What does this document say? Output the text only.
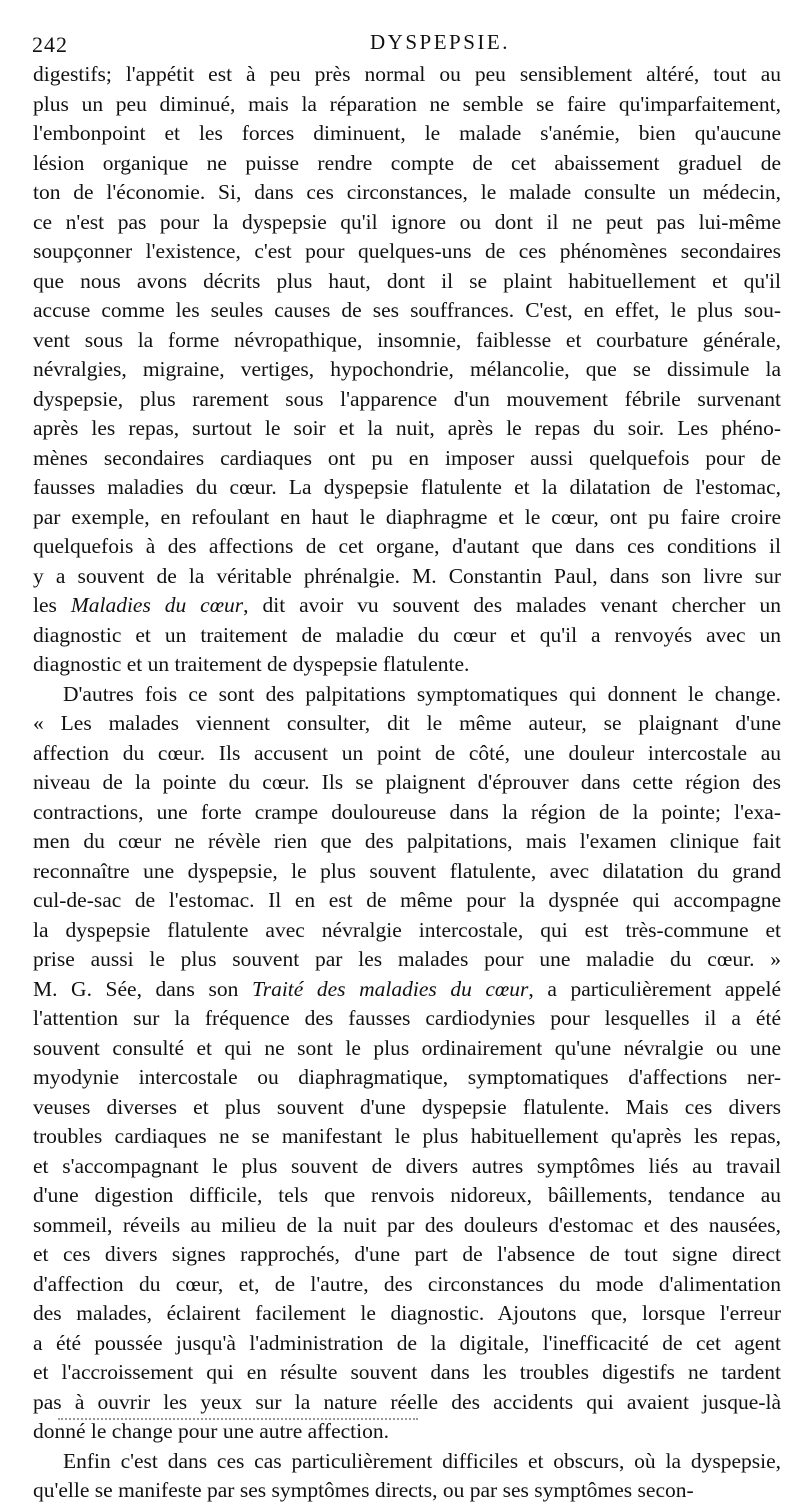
242	DYSPEPSIE.
digestifs; l'appétit est à peu près normal ou peu sensiblement altéré, tout au
plus un peu diminué, mais la réparation ne semble se faire qu'imparfaitement,
l'embonpoint et les forces diminuent, le malade s'anémie, bien qu'aucune
lésion organique ne puisse rendre compte de cet abaissement graduel de
ton de l'économie. Si, dans ces circonstances, le malade consulte un médecin,
ce n'est pas pour la dyspepsie qu'il ignore ou dont il ne peut pas lui-même
soupçonner l'existence, c'est pour quelques-uns de ces phénomènes secondaires
que nous avons décrits plus haut, dont il se plaint habituellement et qu'il
accuse comme les seules causes de ses souffrances. C'est, en effet, le plus sou-
vent sous la forme névropathique, insomnie, faiblesse et courbature générale,
névralgies, migraine, vertiges, hypochondrie, mélancolie, que se dissimule la
dyspepsie, plus rarement sous l'apparence d'un mouvement fébrile survenant
après les repas, surtout le soir et la nuit, après le repas du soir. Les phéno-
mènes secondaires cardiaques ont pu en imposer aussi quelquefois pour de
fausses maladies du cœur. La dyspepsie flatulente et la dilatation de l'estomac,
par exemple, en refoulant en haut le diaphragme et le cœur, ont pu faire croire
quelquefois à des affections de cet organe, d'autant que dans ces conditions il
y a souvent de la véritable phrénalgie. M. Constantin Paul, dans son livre sur
les Maladies du cœur, dit avoir vu souvent des malades venant chercher un
diagnostic et un traitement de maladie du cœur et qu'il a renvoyés avec un
diagnostic et un traitement de dyspepsie flatulente.
D'autres fois ce sont des palpitations symptomatiques qui donnent le change.
« Les malades viennent consulter, dit le même auteur, se plaignant d'une
affection du cœur. Ils accusent un point de côté, une douleur intercostale au
niveau de la pointe du cœur. Ils se plaignent d'éprouver dans cette région des
contractions, une forte crampe douloureuse dans la région de la pointe; l'exa-
men du cœur ne révèle rien que des palpitations, mais l'examen clinique fait
reconnaître une dyspepsie, le plus souvent flatulente, avec dilatation du grand
cul-de-sac de l'estomac. Il en est de même pour la dyspnée qui accompagne
la dyspepsie flatulente avec névralgie intercostale, qui est très-commune et
prise aussi le plus souvent par les malades pour une maladie du cœur. »
M. G. Sée, dans son Traité des maladies du cœur, a particulièrement appelé
l'attention sur la fréquence des fausses cardiodynies pour lesquelles il a été
souvent consulté et qui ne sont le plus ordinairement qu'une névralgie ou une
myodynie intercostale ou diaphragmatique, symptomatiques d'affections ner-
veuses diverses et plus souvent d'une dyspepsie flatulente. Mais ces divers
troubles cardiaques ne se manifestant le plus habituellement qu'après les repas,
et s'accompagnant le plus souvent de divers autres symptômes liés au travail
d'une digestion difficile, tels que renvois nidoreux, bâillements, tendance au
sommeil, réveils au milieu de la nuit par des douleurs d'estomac et des nausées,
et ces divers signes rapprochés, d'une part de l'absence de tout signe direct
d'affection du cœur, et, de l'autre, des circonstances du mode d'alimentation
des malades, éclairent facilement le diagnostic. Ajoutons que, lorsque l'erreur
a été poussée jusqu'à l'administration de la digitale, l'inefficacité de cet agent
et l'accroissement qui en résulte souvent dans les troubles digestifs ne tardent
pas à ouvrir les yeux sur la nature réelle des accidents qui avaient jusque-là
donné le change pour une autre affection.
Enfin c'est dans ces cas particulièrement difficiles et obscurs, où la dyspepsie,
qu'elle se manifeste par ses symptômes directs, ou par ses symptômes secon-
